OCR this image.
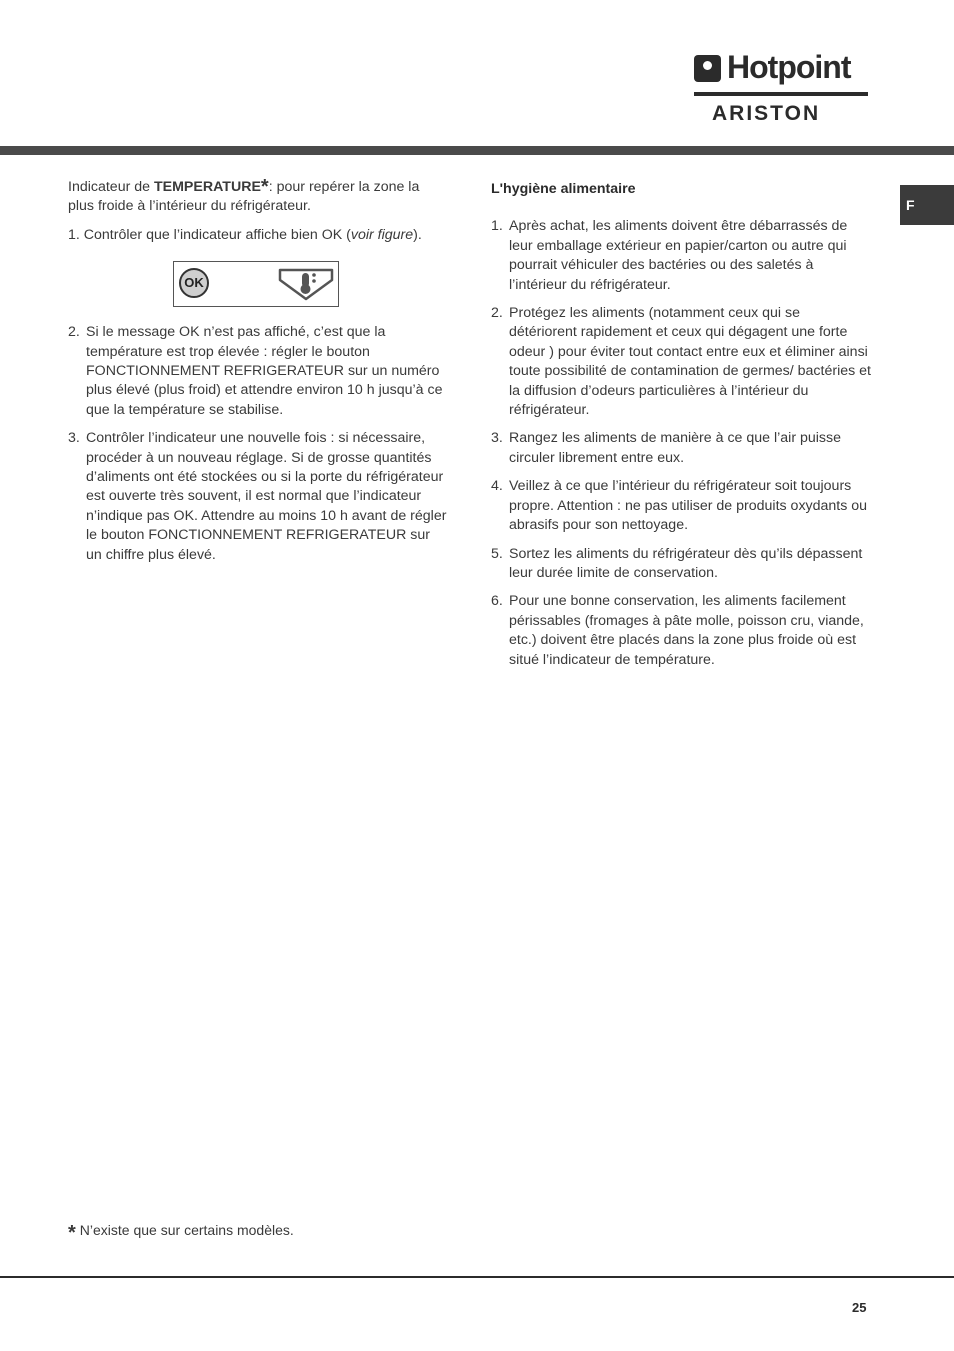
Hotpoint
ARISTON
F

Indicateur de TEMPERATURE*: pour repérer la zone la plus froide à l’intérieur du réfrigérateur.

1. Contrôler que l’indicateur affiche bien OK (voir figure).

OK
2. Si le message OK n’est pas affiché, c’est que la température est trop élevée : régler le bouton FONCTIONNEMENT REFRIGERATEUR sur un numéro plus élevé (plus froid) et attendre environ 10 h jusqu’à ce que la température se stabilise.
3. Contrôler l’indicateur une nouvelle fois : si nécessaire, procéder à un nouveau réglage. Si de grosse quantités d’aliments ont été stockées ou si la porte du réfrigérateur est ouverte très souvent, il est normal que l’indicateur n’indique pas OK. Attendre au moins 10 h avant de régler le bouton FONCTIONNEMENT REFRIGERATEUR sur un chiffre plus élevé.

L'hygiène alimentaire

1. Après achat, les aliments doivent être débarrassés de leur emballage extérieur en papier/carton ou autre qui pourrait véhiculer des bactéries ou des saletés à l’intérieur du réfrigérateur.
2. Protégez les aliments (notamment ceux qui se détériorent rapidement et ceux qui dégagent une forte odeur ) pour éviter tout contact entre eux et éliminer ainsi toute possibilité de contamination de germes/ bactéries et la diffusion d’odeurs particulières à l’intérieur du réfrigérateur.
3. Rangez les aliments de manière à ce que l’air puisse circuler librement entre eux.
4. Veillez à ce que l’intérieur du réfrigérateur soit toujours propre. Attention : ne pas utiliser de produits oxydants ou abrasifs pour son nettoyage.
5. Sortez les aliments du réfrigérateur dès qu’ils dépassent leur durée limite de conservation.
6. Pour une bonne conservation, les aliments facilement périssables (fromages à pâte molle, poisson cru, viande, etc.) doivent être placés dans la zone plus froide où est situé l’indicateur de température.
* N’existe que sur certains modèles.
25
